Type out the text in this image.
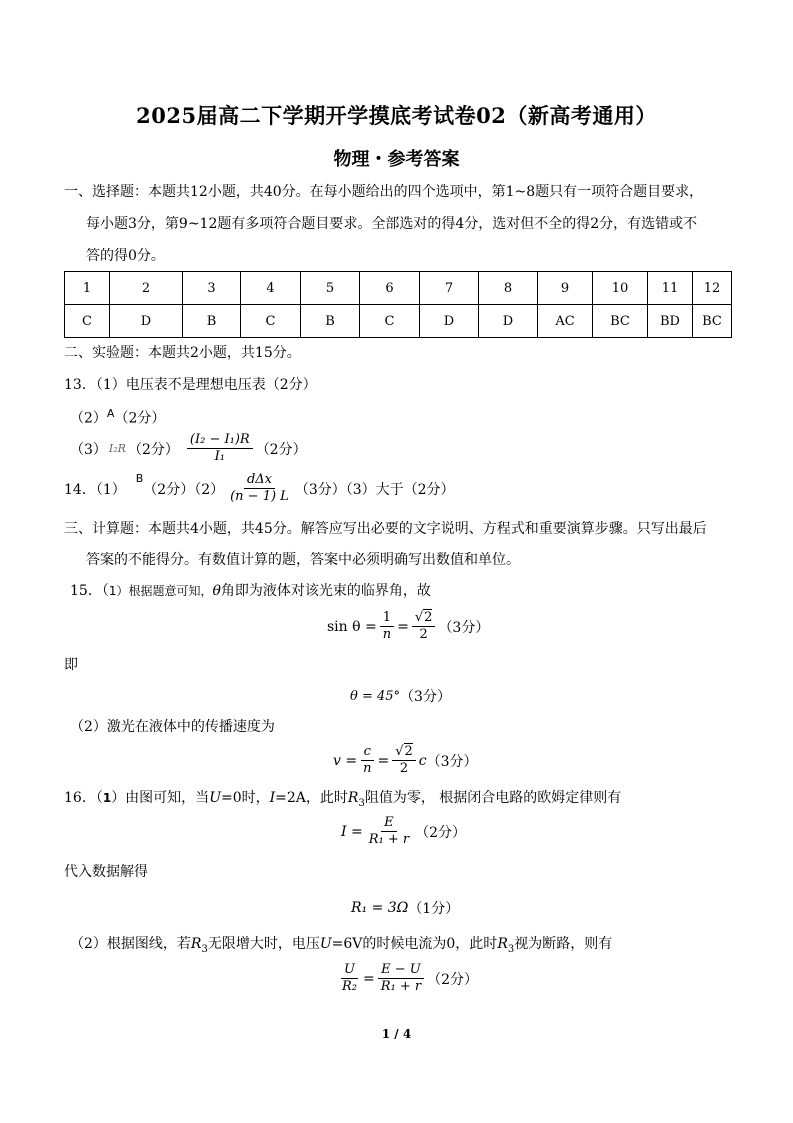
2025届高二下学期开学摸底考试卷02（新高考通用）
物理・参考答案
一、选择题：本题共12小题，共40分。在每小题给出的四个选项中，第1~8题只有一项符合题目要求，
每小题3分，第9~12题有多项符合题目要求。全部选对的得4分，选对但不全的得2分，有选错或不
答的得0分。
1	2	3	4	5	6	7	8	9	10	11	12
C	D	B	C	B	C	D	D	AC	BC	BD	BC
二、实验题：本题共2小题，共15分。
13．（1）电压表不是理想电压表（2分）
$(2)^A(2$分）
（3） I₂R （2分） $\frac{\text{(I₂ − I₁)R}}{\text{I₁}} (2$分）
14．（1）
$^B$
（2分）$(2) \frac{\text{dΔx}}{(n - 1) L} (3$分）（3）大于（2分）
三、计算题：本题共4小题，共45分。解答应写出必要的文字说明、方程式和重要演算步骤。只写出最后
答案的不能得分。有数值计算的题，答案中必须明确写出数值和单位。
15．（1）根据题意可知，θ角即为液体对该光束的临界角，故
$\sin \theta = \frac{1}{n} = \frac{√2}{2} (3$分）
即
θ = 45° （3分）
（2）激光在液体中的传播速度为
$v = \frac{c}{n} = \frac{√2}{2}$ c （3分）
16．（1）由图可知，当U=0时，I=2A，此时$R_3$阻值为零， 根据闭合电路的欧姆定律则有
$I = \frac{E}{\text{R₁ + r}} (2$分）
代入数据解得
R₁ = 3Ω （1分）
（2）根据图线，若$R_3$无限增大时，电压U=6V的时候电流为0，此时$R_3$视为断路，则有
$\frac{U}{\text{R₂}} = \frac{E - U}{\text{R₁ + r}} (2$分）
1 / 4
